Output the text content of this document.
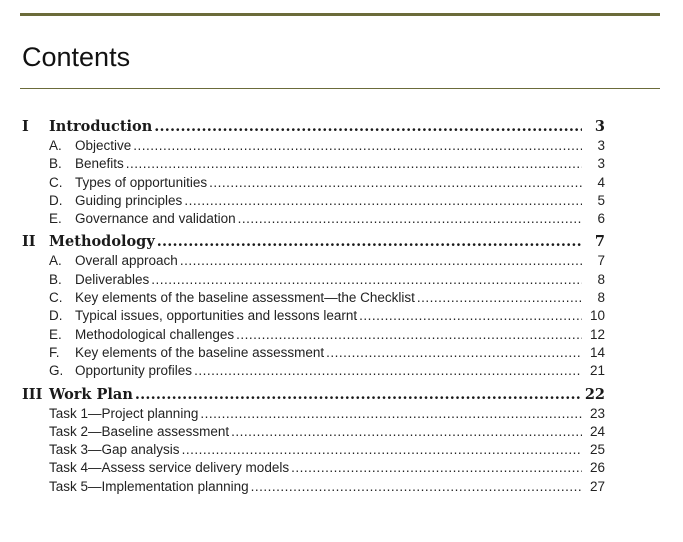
Contents
I Introduction .....	3
A. Objective .....	3
B. Benefits .....	3
C. Types of opportunities .....	4
D. Guiding principles .....	5
E. Governance and validation .....	6
II Methodology .....	7
A. Overall approach .....	7
B. Deliverables .....	8
C. Key elements of the baseline assessment—the Checklist .....	8
D. Typical issues, opportunities and lessons learnt .....	10
E. Methodological challenges .....	12
F. Key elements of the baseline assessment .....	14
G. Opportunity profiles .....	21
III Work Plan .....	22
Task 1—Project planning .....	23
Task 2—Baseline assessment .....	24
Task 3—Gap analysis .....	25
Task 4—Assess service delivery models .....	26
Task 5—Implementation planning .....	27
